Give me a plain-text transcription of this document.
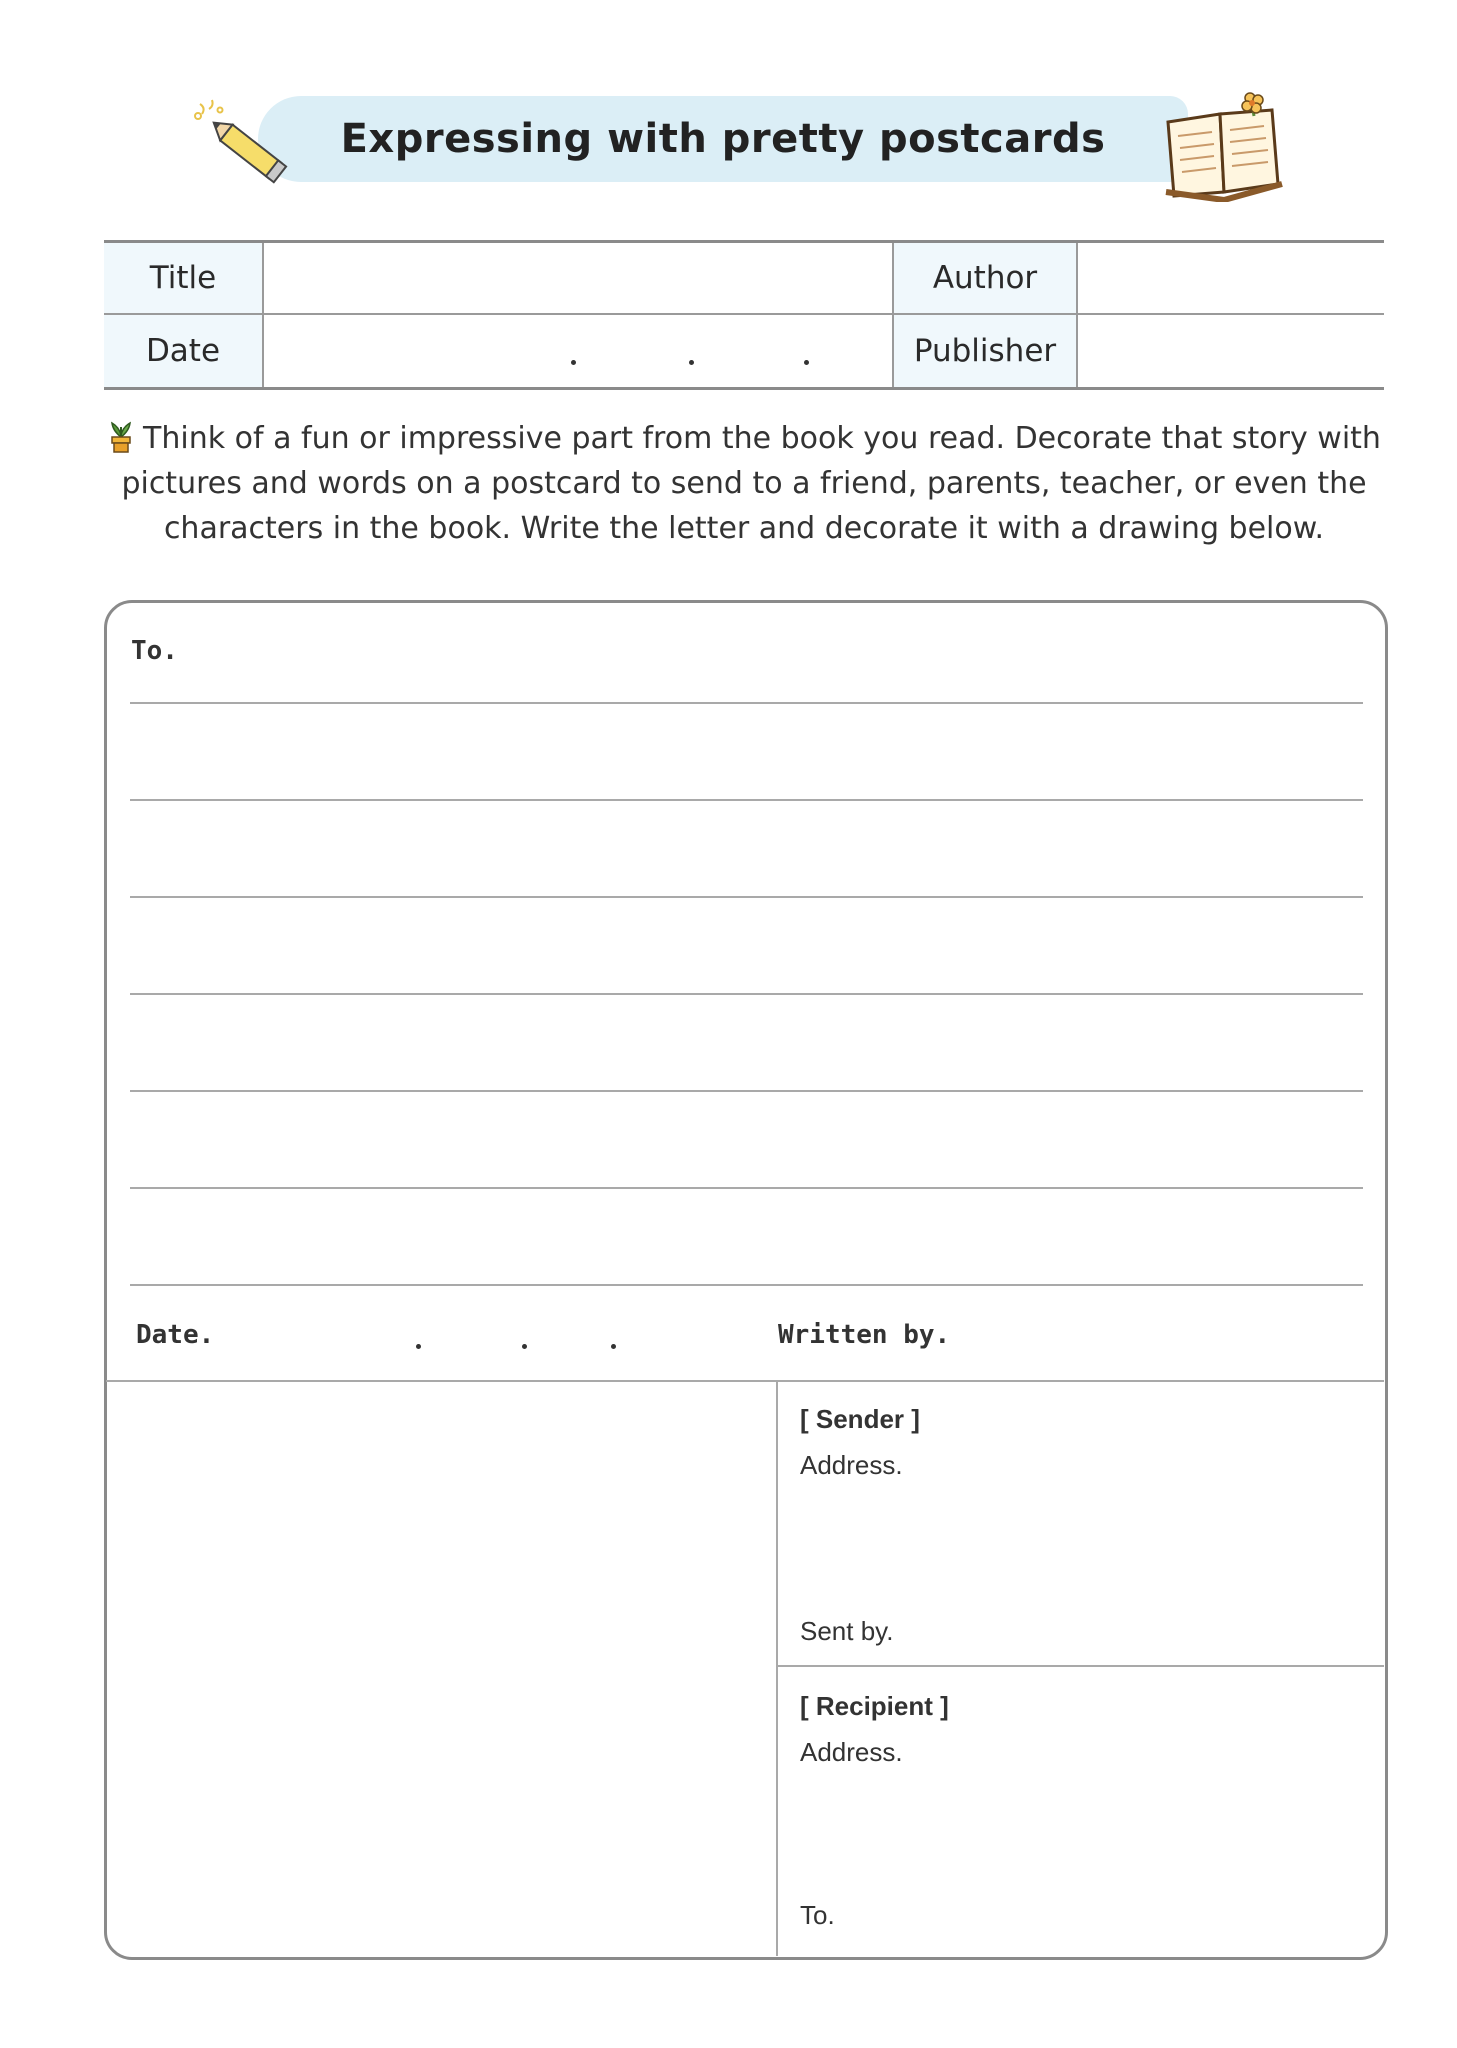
Expressing with pretty postcards
Title	Author
Date	Publisher
Think of a fun or impressive part from the book you read. Decorate that story with pictures and words on a postcard to send to a friend, parents, teacher, or even the characters in the book. Write the letter and decorate it with a drawing below.
To.
Date.	Written by.
[ Sender ]
Address.
Sent by.
[ Recipient ]
Address.
To.
